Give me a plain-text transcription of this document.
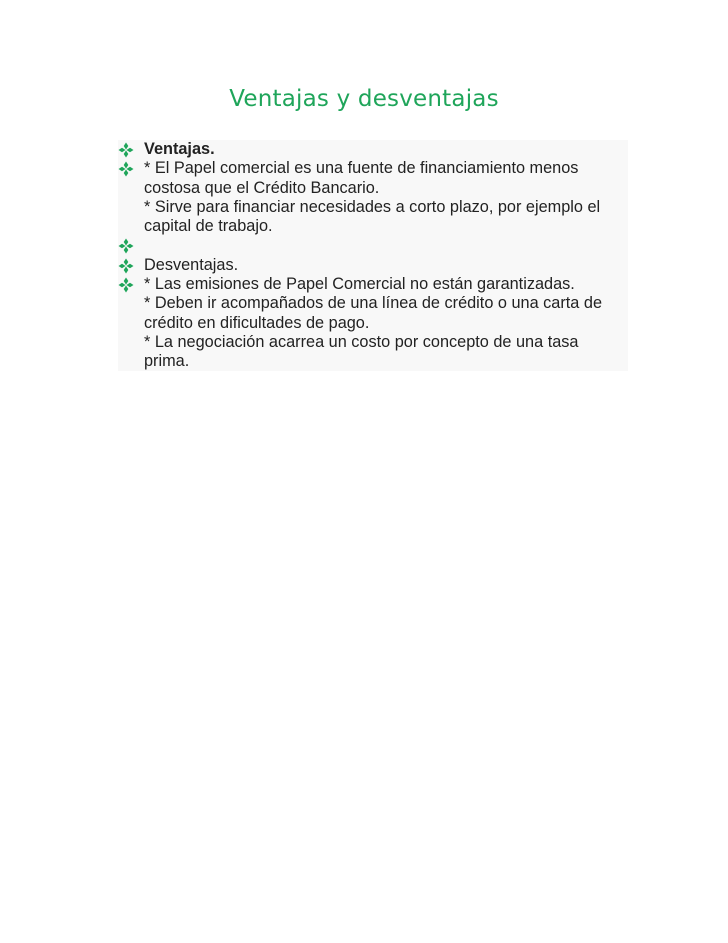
Ventajas y desventajas
Ventajas.
* El Papel comercial es una fuente de financiamiento menos
costosa que el Crédito Bancario.
* Sirve para financiar necesidades a corto plazo, por ejemplo el
capital de trabajo.
Desventajas.
* Las emisiones de Papel Comercial no están garantizadas.
* Deben ir acompañados de una línea de crédito o una carta de
crédito en dificultades de pago.
* La negociación acarrea un costo por concepto de una tasa
prima.
